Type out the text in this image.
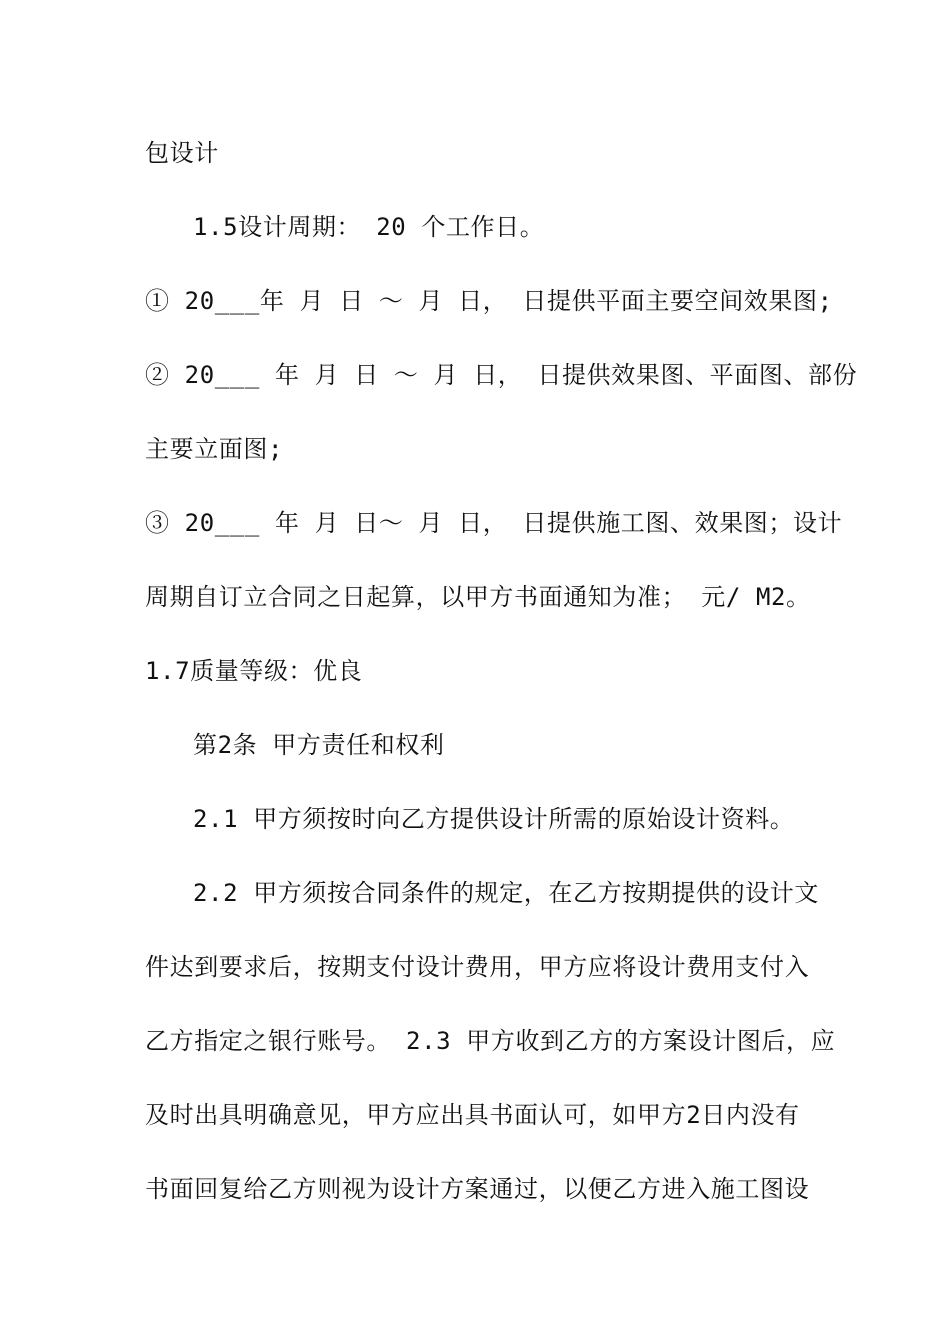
包设计
1.5设计周期： 20 个工作日。
① 20___年 月 日 ～ 月 日， 日提供平面主要空间效果图;
② 20___ 年 月 日 ～ 月 日， 日提供效果图、平面图、部份
主要立面图;
③ 20___ 年 月 日～ 月 日， 日提供施工图、效果图；设计
周期自订立合同之日起算，以甲方书面通知为准； 元/ M2。
1.7质量等级：优良
第2条 甲方责任和权利
2.1 甲方须按时向乙方提供设计所需的原始设计资料。
2.2 甲方须按合同条件的规定，在乙方按期提供的设计文
件达到要求后，按期支付设计费用，甲方应将设计费用支付入
乙方指定之银行账号。 2.3 甲方收到乙方的方案设计图后，应
及时出具明确意见，甲方应出具书面认可，如甲方2日内没有
书面回复给乙方则视为设计方案通过，以便乙方进入施工图设
